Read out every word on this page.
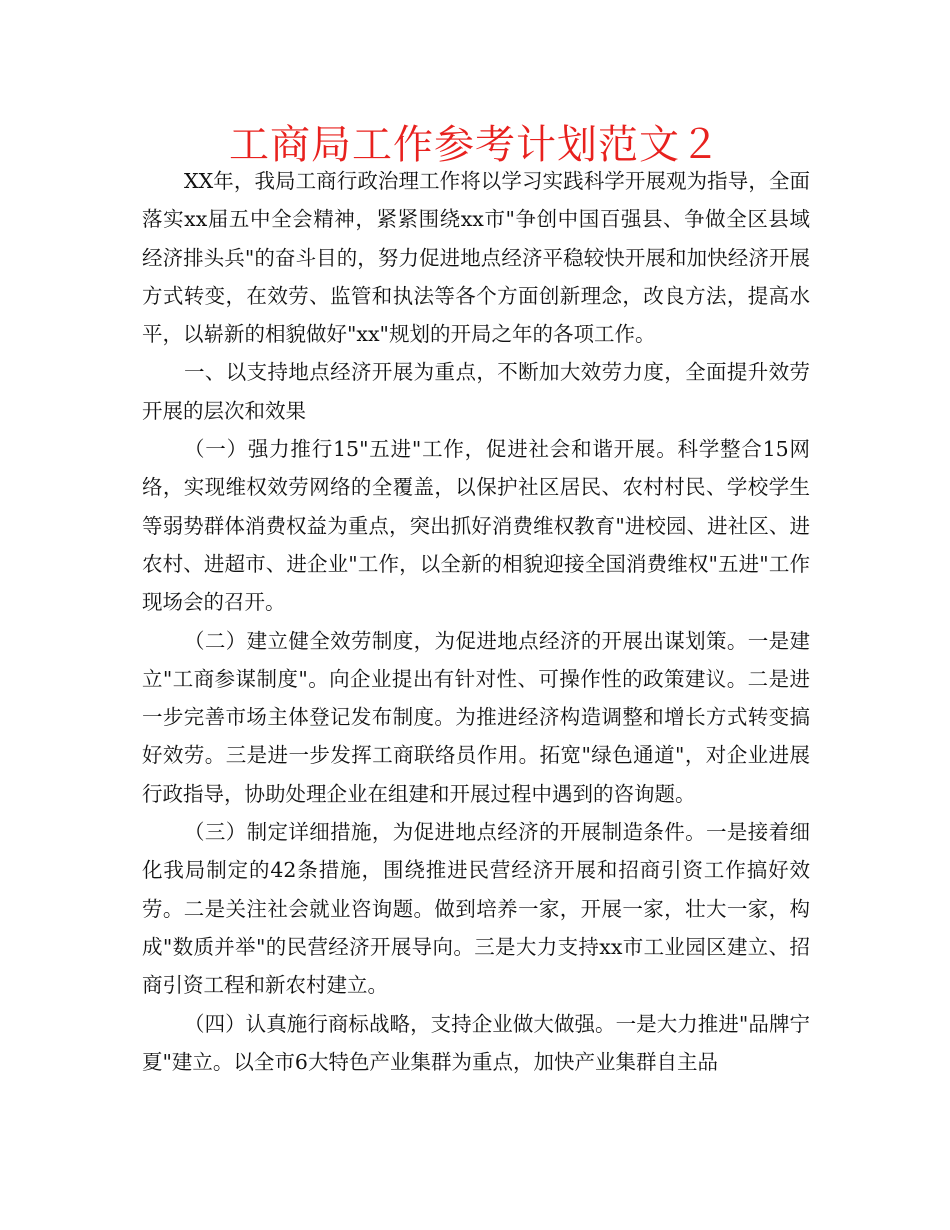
工商局工作参考计划范文２

XX年，我局工商行政治理工作将以学习实践科学开展观为指导，全面落实xx届五中全会精神，紧紧围绕xx市"争创中国百强县、争做全区县域经济排头兵"的奋斗目的，努力促进地点经济平稳较快开展和加快经济开展方式转变，在效劳、监管和执法等各个方面创新理念，改良方法，提高水平，以崭新的相貌做好"xx"规划的开局之年的各项工作。

一、以支持地点经济开展为重点，不断加大效劳力度，全面提升效劳开展的层次和效果

（一）强力推行15"五进"工作，促进社会和谐开展。科学整合15网络，实现维权效劳网络的全覆盖，以保护社区居民、农村村民、学校学生等弱势群体消费权益为重点，突出抓好消费维权教育"进校园、进社区、进农村、进超市、进企业"工作，以全新的相貌迎接全国消费维权"五进"工作现场会的召开。

（二）建立健全效劳制度，为促进地点经济的开展出谋划策。一是建立"工商参谋制度"。向企业提出有针对性、可操作性的政策建议。二是进一步完善市场主体登记发布制度。为推进经济构造调整和增长方式转变搞好效劳。三是进一步发挥工商联络员作用。拓宽"绿色通道"，对企业进展行政指导，协助处理企业在组建和开展过程中遇到的咨询题。

（三）制定详细措施，为促进地点经济的开展制造条件。一是接着细化我局制定的42条措施，围绕推进民营经济开展和招商引资工作搞好效劳。二是关注社会就业咨询题。做到培养一家，开展一家，壮大一家，构成"数质并举"的民营经济开展导向。三是大力支持xx市工业园区建立、招商引资工程和新农村建立。

（四）认真施行商标战略，支持企业做大做强。一是大力推进"品牌宁夏"建立。以全市6大特色产业集群为重点，加快产业集群自主品
